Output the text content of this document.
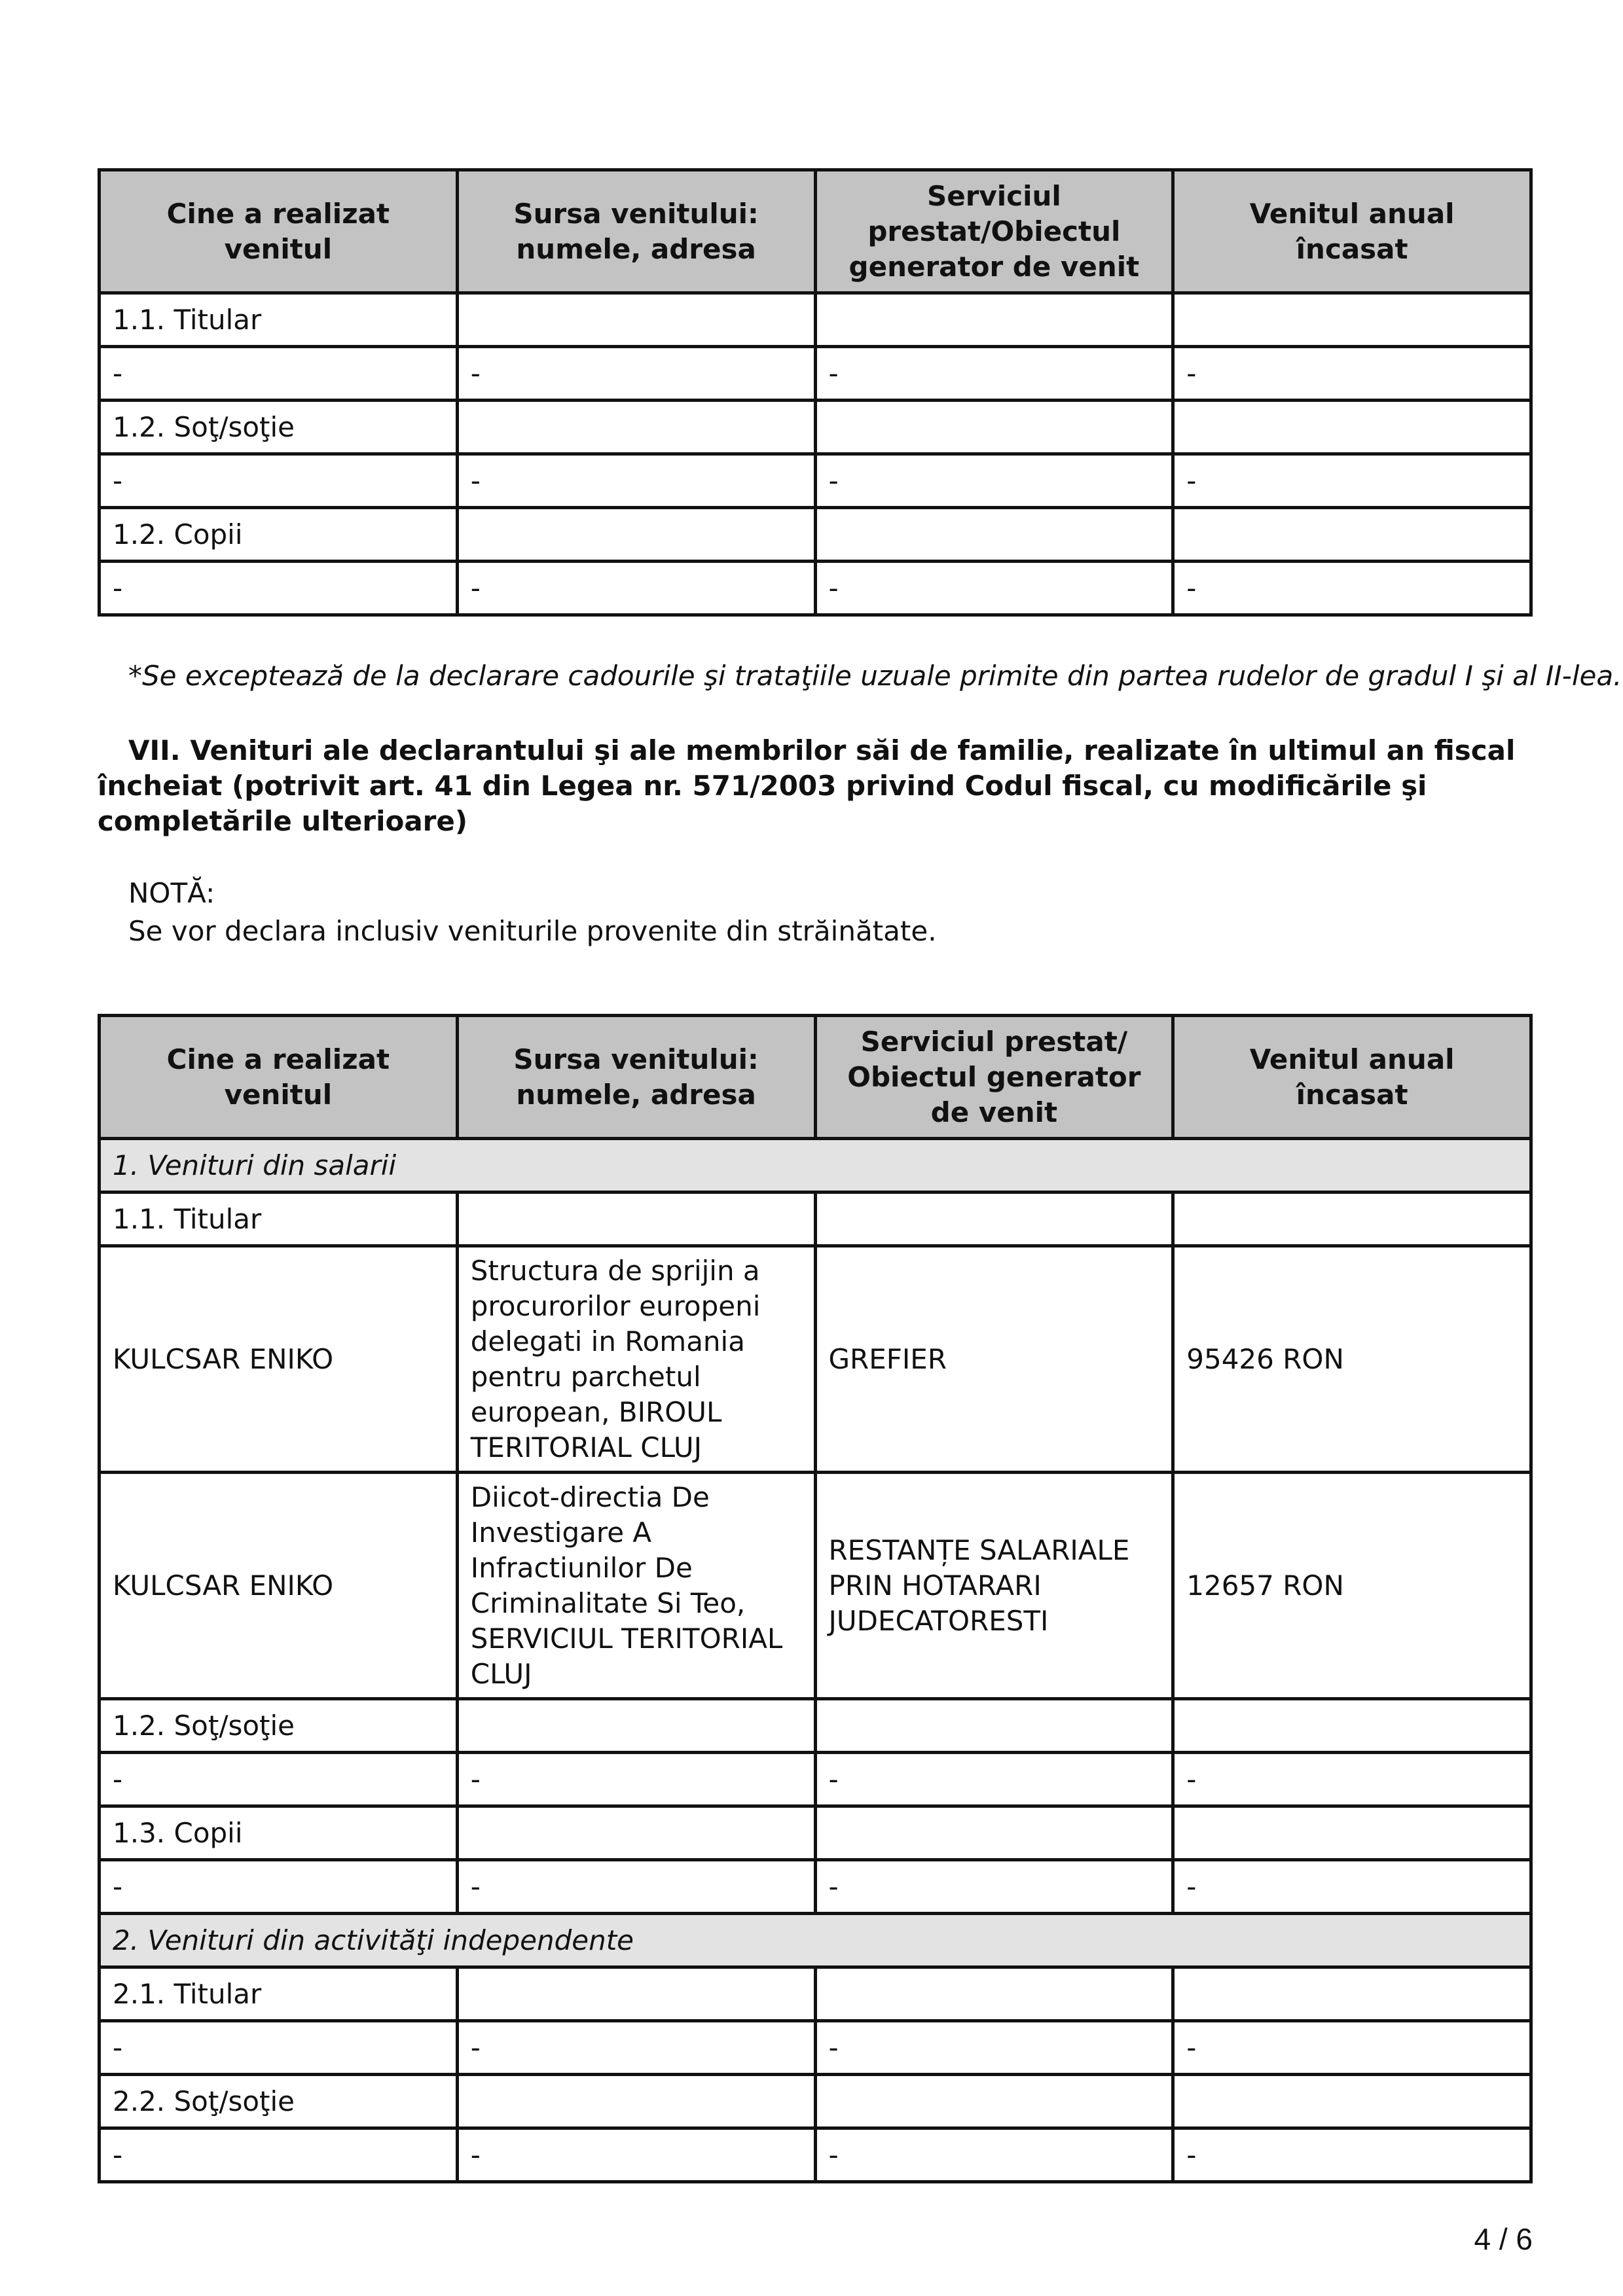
Cine a realizat venitul	Sursa venitului: numele, adresa	Serviciul prestat/Obiectul generator de venit	Venitul anual încasat
1.1. Titular			
-	-	-	-
1.2. Soţ/soţie			
-	-	-	-
1.2. Copii			
-	-	-	-

*Se exceptează de la declarare cadourile şi trataţiile uzuale primite din partea rudelor de gradul I şi al II-lea.

VII. Venituri ale declarantului şi ale membrilor săi de familie, realizate în ultimul an fiscal încheiat (potrivit art. 41 din Legea nr. 571/2003 privind Codul fiscal, cu modificările şi completările ulterioare)

NOTĂ:

Se vor declara inclusiv veniturile provenite din străinătate.

Cine a realizat venitul	Sursa venitului: numele, adresa	Serviciul prestat/ Obiectul generator de venit	Venitul anual încasat
1. Venituri din salarii			
1.1. Titular			
KULCSAR ENIKO	Structura de sprijin a procurorilor europeni delegati in Romania pentru parchetul european, BIROUL TERITORIAL CLUJ	GREFIER	95426 RON
KULCSAR ENIKO	Diicot-directia De Investigare A Infractiunilor De Criminalitate Si Teo, SERVICIUL TERITORIAL CLUJ	RESTANȚE SALARIALE PRIN HOTARARI JUDECATORESTI	12657 RON
1.2. Soţ/soţie			
-	-	-	-
1.3. Copii			
-	-	-	-
2. Venituri din activităţi independente			
2.1. Titular			
-	-	-	-
2.2. Soţ/soţie			
-	-	-	-

4 / 6
